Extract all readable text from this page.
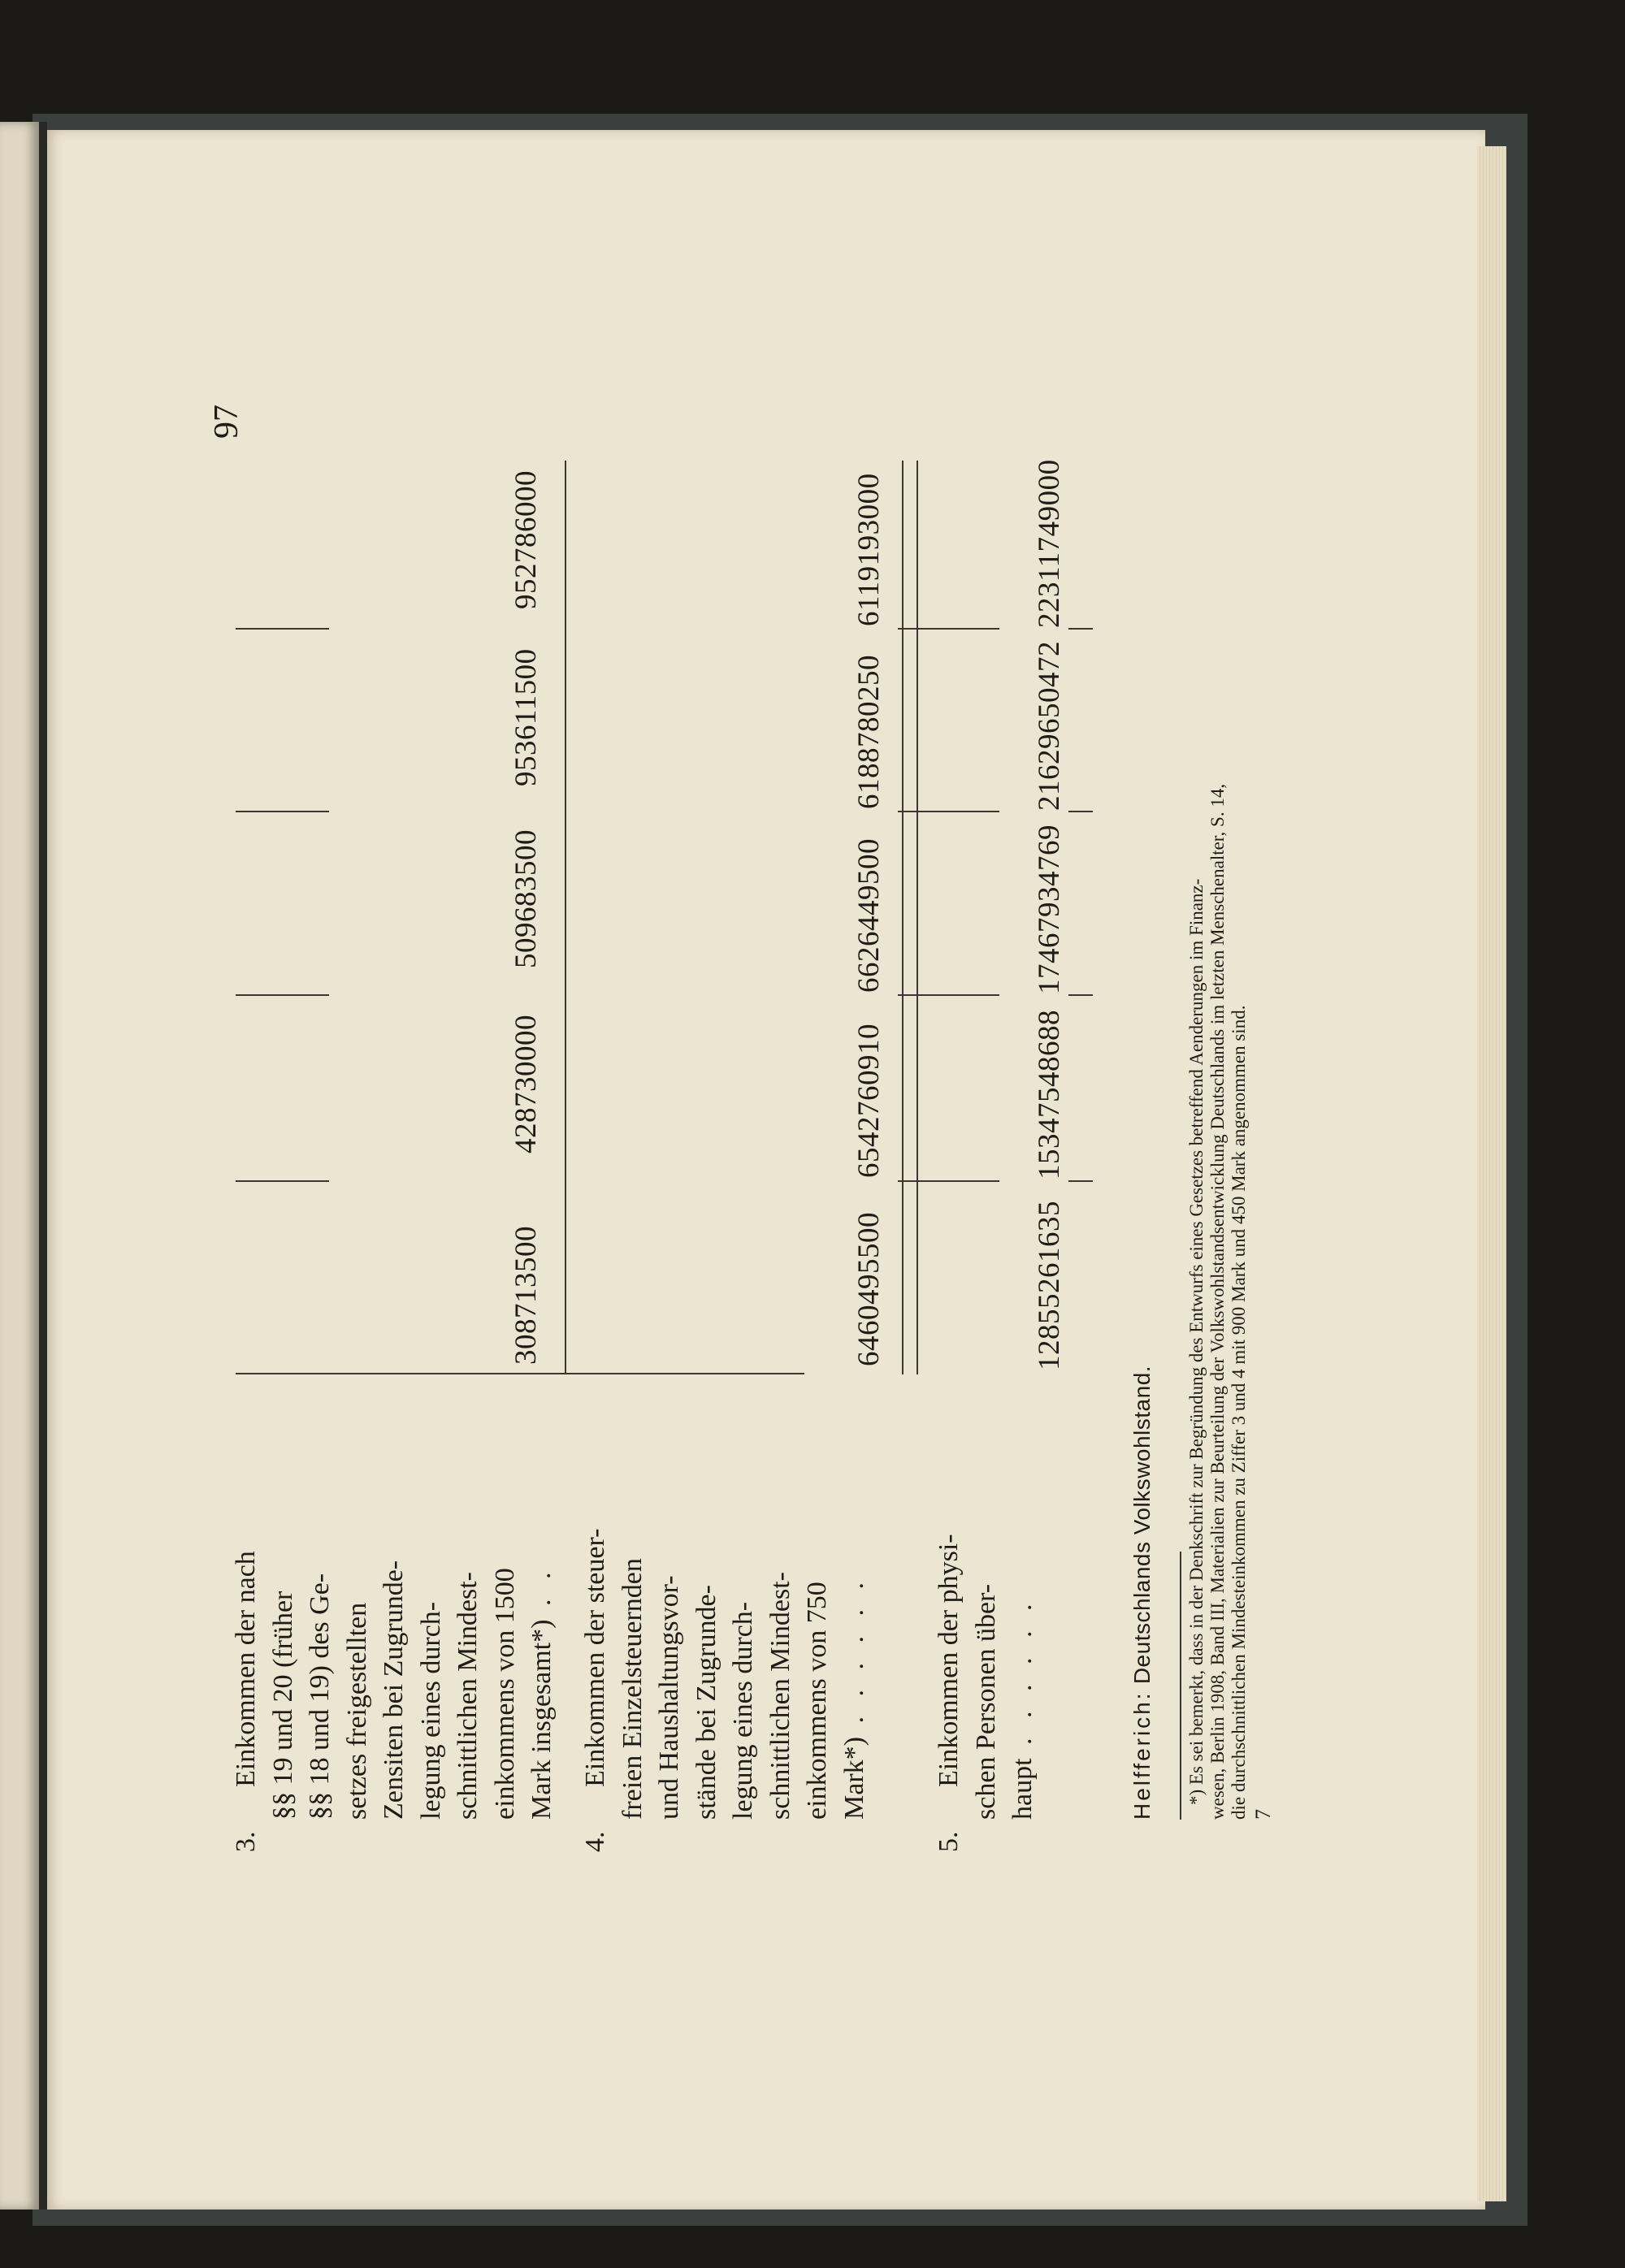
97
Helfferich: Deutschlands Volkswohlstand.
7
3.Einkommen der nach §§ 19 und 20 (früher §§ 18 und 19) des Ge- setzes freigestellten Zensiten bei Zugrunde- legung eines durch- schnittlichen Mindest- einkommens von 1500 Mark insgesamt*) . .
4.Einkommen der steuer- freien Einzelsteuernden und Haushaltungsvor- stände bei Zugrunde- legung eines durch- schnittlichen Mindest- einkommens von 750 Mark*) . . . . . .
5.Einkommen der physi- schen Personen über- haupt . . . . . .
308713500
428730000
509683500
953611500
952786000
6460495500
6542760910
6626449500
6188780250
6119193000
12855261635
15347548688
17467934769
21629650472
22311749000
*) Es sei bemerkt, dass in der Denkschrift zur Begründung des Entwurfs eines Gesetzes betreffend Aenderungen im Finanz- wesen, Berlin 1908, Band III, Materialien zur Beurteilung der Volkswohlstandsentwicklung Deutschlands im letzten Menschenalter, S. 14, die durchschnittlichen Mindesteinkommen zu Ziffer 3 und 4 mit 900 Mark und 450 Mark angenommen sind.
